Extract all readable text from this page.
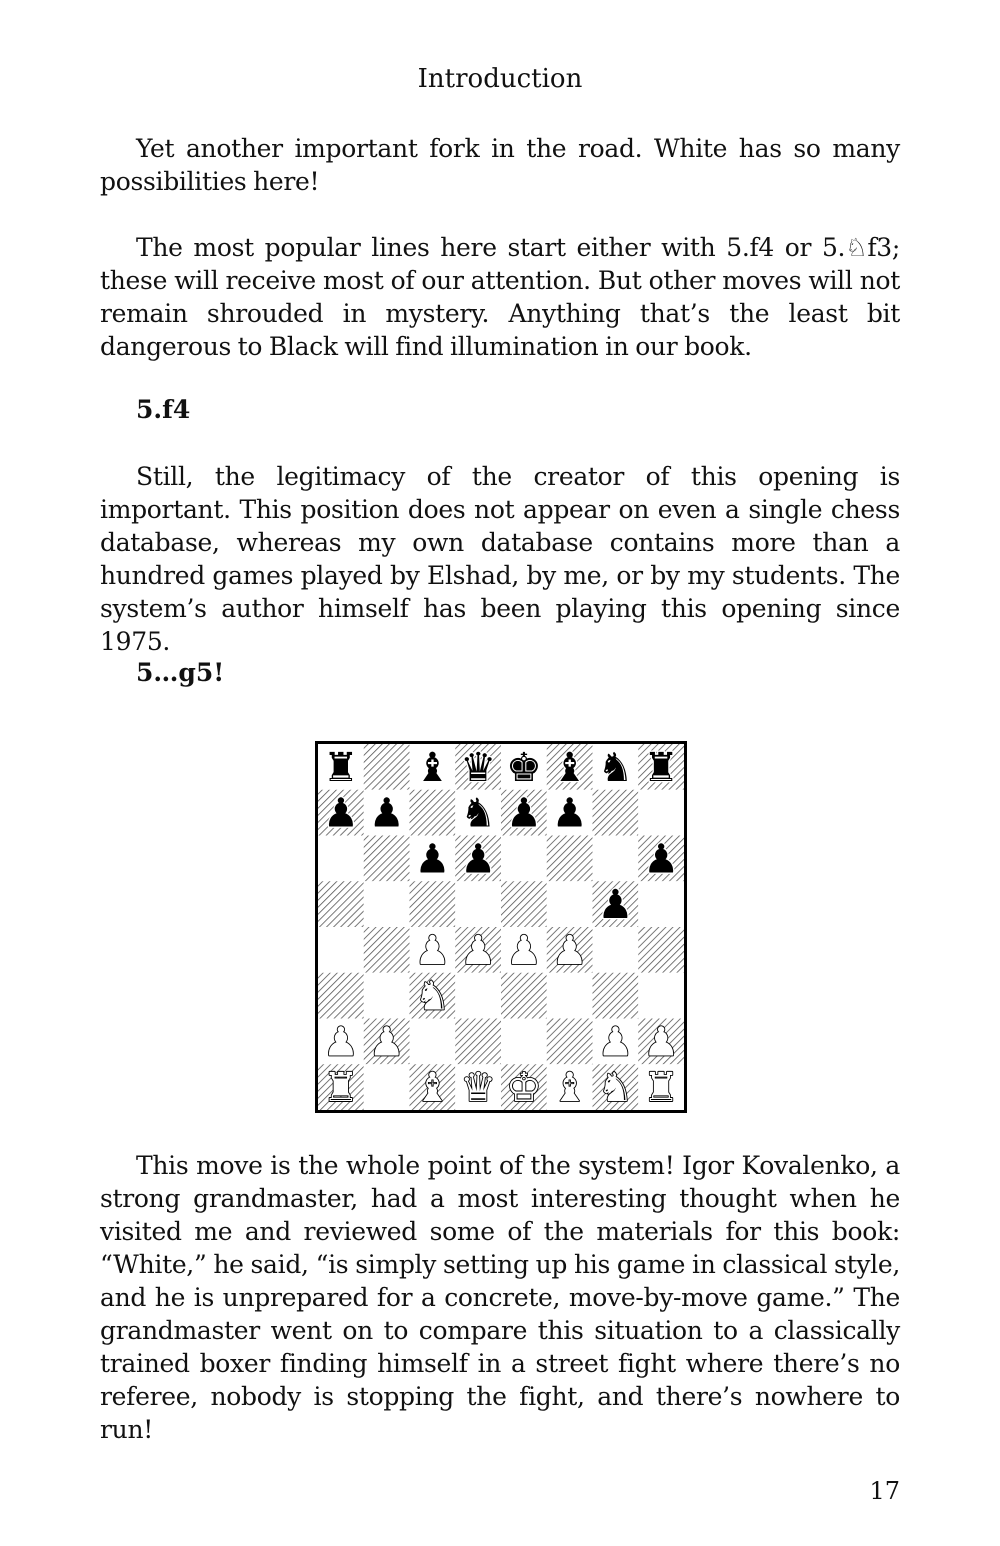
Introduction

Yet another important fork in the road. White has so many possibilities here!

The most popular lines here start either with 5.f4 or 5.♘f3; these will receive most of our attention. But other moves will not remain shrouded in mystery. Anything that’s the least bit dangerous to Black will find illumination in our book.

5.f4

Still, the legitimacy of the creator of this opening is important. This position does not appear on even a single chess database, whereas my own database contains more than a hundred games played by Elshad, by me, or by my students. The system’s author himself has been playing this opening since 1975.

5…g5!

♜ ♝ ♛ ♚ ♝ ♞ ♜
♟ ♟ ♞ ♟ ♟
♟ ♟	♟
♟
♟ ♟ ♟ ♟
♞
♟ ♟	♟ ♟
♜ ♝ ♛ ♚ ♝ ♞ ♜

This move is the whole point of the system! Igor Kovalenko, a strong grandmaster, had a most interesting thought when he visited me and reviewed some of the materials for this book: “White,” he said, “is simply setting up his game in classical style, and he is unprepared for a concrete, move-by-move game.” The grandmaster went on to compare this situation to a classically trained boxer finding himself in a street fight where there’s no referee, nobody is stopping the fight, and there’s nowhere to run!

17
